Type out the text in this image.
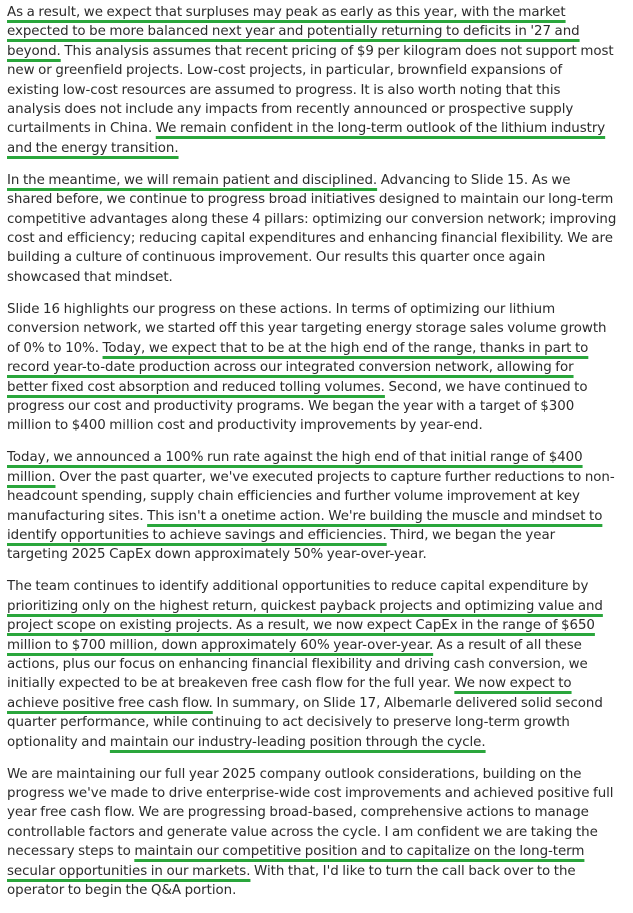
As a result, we expect that surpluses may peak as early as this year, with the market expected to be more balanced next year and potentially returning to deficits in '27 and beyond. This analysis assumes that recent pricing of $9 per kilogram does not support most new or greenfield projects. Low-cost projects, in particular, brownfield expansions of existing low-cost resources are assumed to progress. It is also worth noting that this analysis does not include any impacts from recently announced or prospective supply curtailments in China. We remain confident in the long-term outlook of the lithium industry and the energy transition.

In the meantime, we will remain patient and disciplined. Advancing to Slide 15. As we shared before, we continue to progress broad initiatives designed to maintain our long-term competitive advantages along these 4 pillars: optimizing our conversion network; improving cost and efficiency; reducing capital expenditures and enhancing financial flexibility. We are building a culture of continuous improvement. Our results this quarter once again showcased that mindset.

Slide 16 highlights our progress on these actions. In terms of optimizing our lithium conversion network, we started off this year targeting energy storage sales volume growth of 0% to 10%. Today, we expect that to be at the high end of the range, thanks in part to record year-to-date production across our integrated conversion network, allowing for better fixed cost absorption and reduced tolling volumes. Second, we have continued to progress our cost and productivity programs. We began the year with a target of $300 million to $400 million cost and productivity improvements by year-end.

Today, we announced a 100% run rate against the high end of that initial range of $400 million. Over the past quarter, we've executed projects to capture further reductions to non-headcount spending, supply chain efficiencies and further volume improvement at key manufacturing sites. This isn't a onetime action. We're building the muscle and mindset to identify opportunities to achieve savings and efficiencies. Third, we began the year targeting 2025 CapEx down approximately 50% year-over-year.

The team continues to identify additional opportunities to reduce capital expenditure by prioritizing only on the highest return, quickest payback projects and optimizing value and project scope on existing projects. As a result, we now expect CapEx in the range of $650 million to $700 million, down approximately 60% year-over-year. As a result of all these actions, plus our focus on enhancing financial flexibility and driving cash conversion, we initially expected to be at breakeven free cash flow for the full year. We now expect to achieve positive free cash flow. In summary, on Slide 17, Albemarle delivered solid second quarter performance, while continuing to act decisively to preserve long-term growth optionality and maintain our industry-leading position through the cycle.

We are maintaining our full year 2025 company outlook considerations, building on the progress we've made to drive enterprise-wide cost improvements and achieved positive full year free cash flow. We are progressing broad-based, comprehensive actions to manage controllable factors and generate value across the cycle. I am confident we are taking the necessary steps to maintain our competitive position and to capitalize on the long-term secular opportunities in our markets. With that, I'd like to turn the call back over to the operator to begin the Q&A portion.
